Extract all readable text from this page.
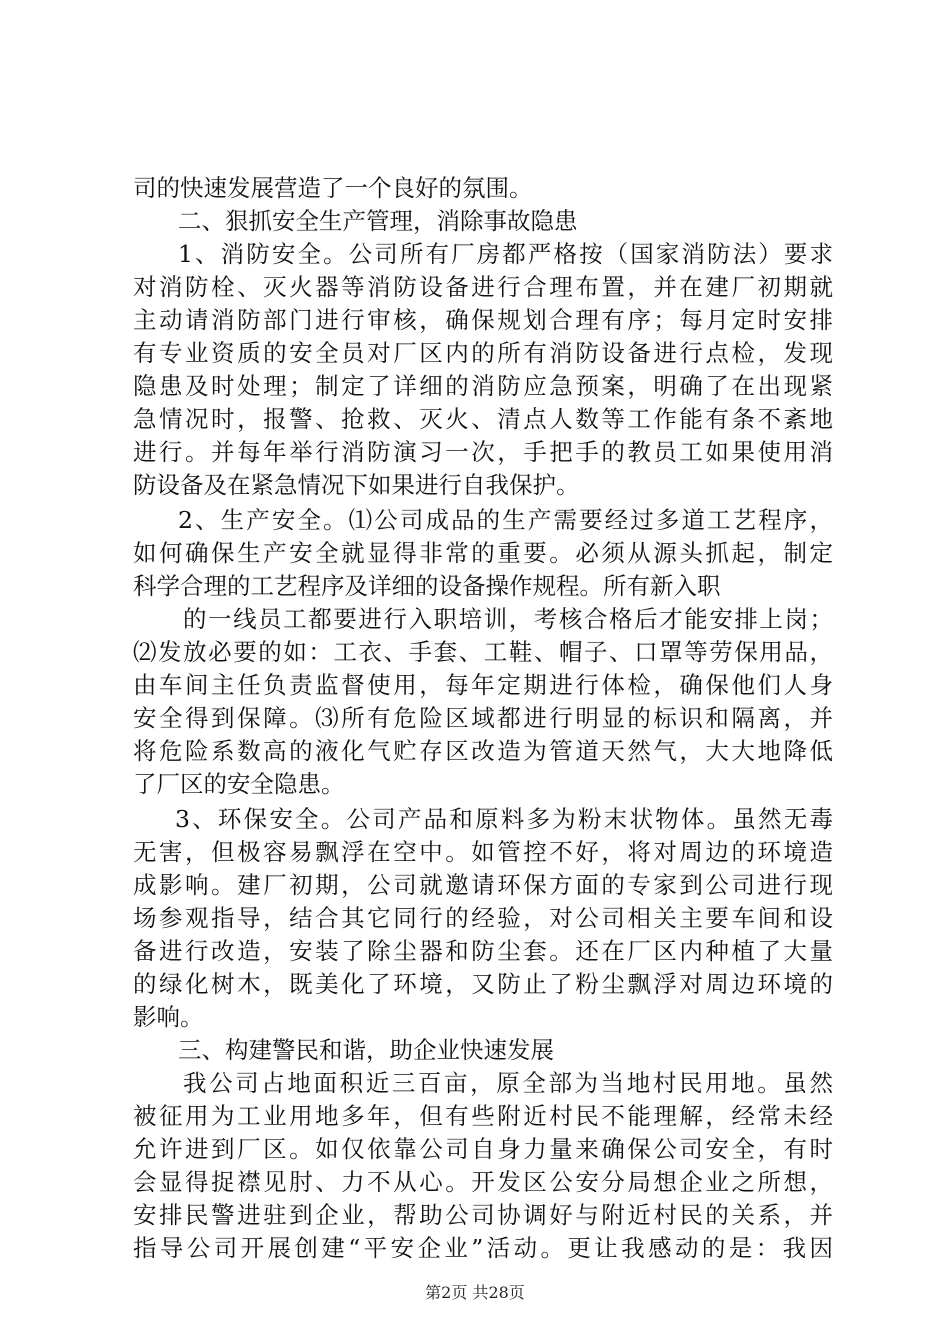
司的快速发展营造了一个良好的氛围。
二、狠抓安全生产管理，消除事故隐患
1、消防安全。公司所有厂房都严格按（国家消防法）要求
对消防栓、灭火器等消防设备进行合理布置，并在建厂初期就
主动请消防部门进行审核，确保规划合理有序；每月定时安排
有专业资质的安全员对厂区内的所有消防设备进行点检，发现
隐患及时处理；制定了详细的消防应急预案，明确了在出现紧
急情况时，报警、抢救、灭火、清点人数等工作能有条不紊地
进行。并每年举行消防演习一次，手把手的教员工如果使用消
防设备及在紧急情况下如果进行自我保护。
2、生产安全。⑴公司成品的生产需要经过多道工艺程序，
如何确保生产安全就显得非常的重要。必须从源头抓起，制定
科学合理的工艺程序及详细的设备操作规程。所有新入职
的一线员工都要进行入职培训，考核合格后才能安排上岗；
⑵发放必要的如：工衣、手套、工鞋、帽子、口罩等劳保用品，
由车间主任负责监督使用，每年定期进行体检，确保他们人身
安全得到保障。⑶所有危险区域都进行明显的标识和隔离，并
将危险系数高的液化气贮存区改造为管道天然气，大大地降低
了厂区的安全隐患。
3、环保安全。公司产品和原料多为粉末状物体。虽然无毒
无害，但极容易飘浮在空中。如管控不好，将对周边的环境造
成影响。建厂初期，公司就邀请环保方面的专家到公司进行现
场参观指导，结合其它同行的经验，对公司相关主要车间和设
备进行改造，安装了除尘器和防尘套。还在厂区内种植了大量
的绿化树木，既美化了环境，又防止了粉尘飘浮对周边环境的
影响。
三、构建警民和谐，助企业快速发展
我公司占地面积近三百亩，原全部为当地村民用地。虽然
被征用为工业用地多年，但有些附近村民不能理解，经常未经
允许进到厂区。如仅依靠公司自身力量来确保公司安全，有时
会显得捉襟见肘、力不从心。开发区公安分局想企业之所想，
安排民警进驻到企业，帮助公司协调好与附近村民的关系，并
指导公司开展创建“平安企业”活动。更让我感动的是：我因
第2页 共28页
